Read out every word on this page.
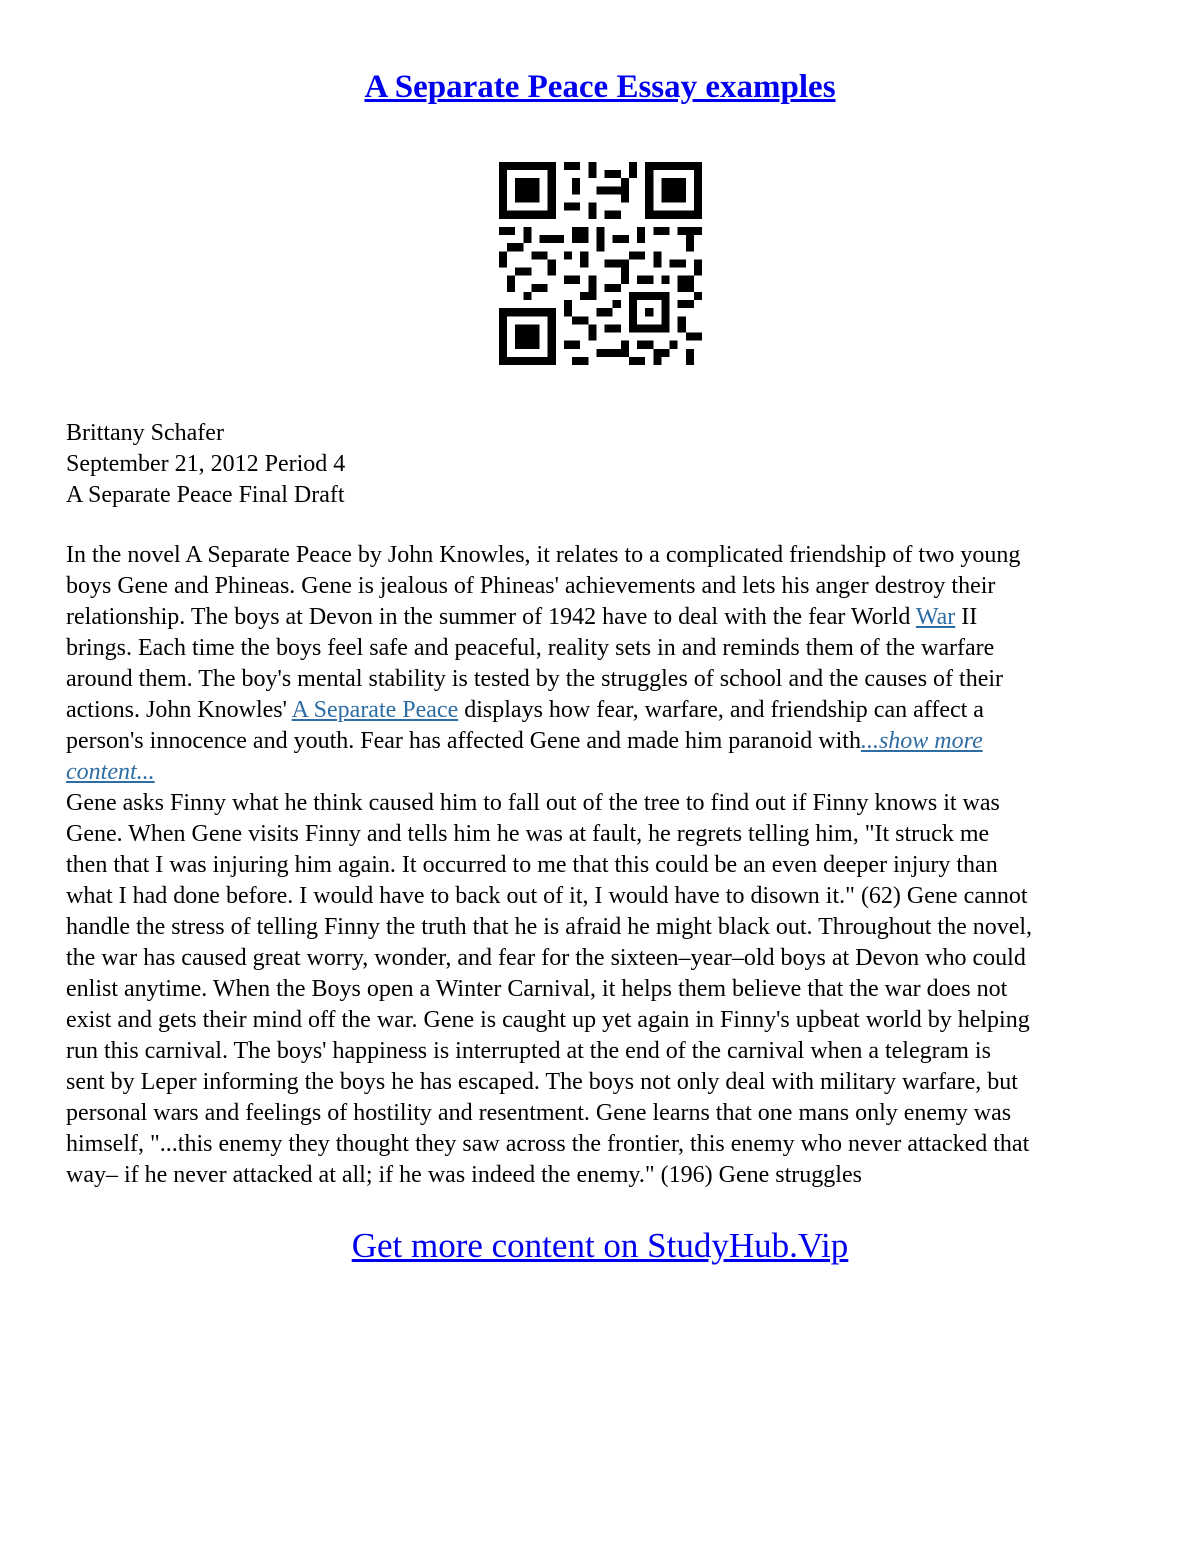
A Separate Peace Essay examples
Brittany Schafer
September 21, 2012 Period 4
A Separate Peace Final Draft
In the novel A Separate Peace by John Knowles, it relates to a complicated friendship of two young
boys Gene and Phineas. Gene is jealous of Phineas' achievements and lets his anger destroy their
relationship. The boys at Devon in the summer of 1942 have to deal with the fear World War II
brings. Each time the boys feel safe and peaceful, reality sets in and reminds them of the warfare
around them. The boy's mental stability is tested by the struggles of school and the causes of their
actions. John Knowles' A Separate Peace displays how fear, warfare, and friendship can affect a
person's innocence and youth. Fear has affected Gene and made him paranoid with...show more
content...
Gene asks Finny what he think caused him to fall out of the tree to find out if Finny knows it was
Gene. When Gene visits Finny and tells him he was at fault, he regrets telling him, "It struck me
then that I was injuring him again. It occurred to me that this could be an even deeper injury than
what I had done before. I would have to back out of it, I would have to disown it." (62) Gene cannot
handle the stress of telling Finny the truth that he is afraid he might black out. Throughout the novel,
the war has caused great worry, wonder, and fear for the sixteen–year–old boys at Devon who could
enlist anytime. When the Boys open a Winter Carnival, it helps them believe that the war does not
exist and gets their mind off the war. Gene is caught up yet again in Finny's upbeat world by helping
run this carnival. The boys' happiness is interrupted at the end of the carnival when a telegram is
sent by Leper informing the boys he has escaped. The boys not only deal with military warfare, but
personal wars and feelings of hostility and resentment. Gene learns that one mans only enemy was
himself, "...this enemy they thought they saw across the frontier, this enemy who never attacked that
way– if he never attacked at all; if he was indeed the enemy." (196) Gene struggles
Get more content on StudyHub.Vip
